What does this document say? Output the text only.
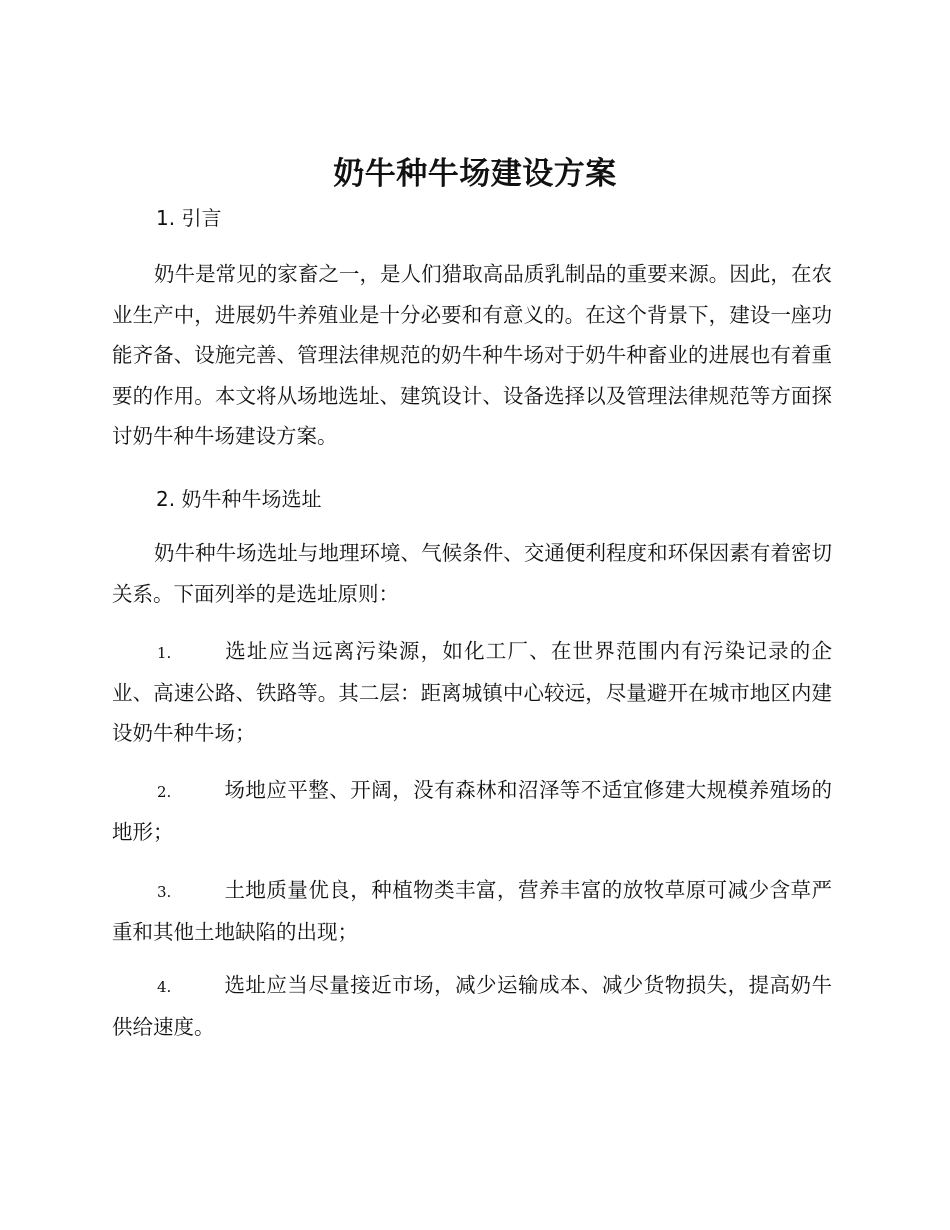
奶牛种牛场建设方案
1. 引言

奶牛是常见的家畜之一，是人们猎取高品质乳制品的重要来源。因此，在农业生产中，进展奶牛养殖业是十分必要和有意义的。在这个背景下，建设一座功能齐备、设施完善、管理法律规范的奶牛种牛场对于奶牛种畜业的进展也有着重要的作用。本文将从场地选址、建筑设计、设备选择以及管理法律规范等方面探讨奶牛种牛场建设方案。

2. 奶牛种牛场选址

奶牛种牛场选址与地理环境、气候条件、交通便利程度和环保因素有着密切关系。下面列举的是选址原则：

1.	选址应当远离污染源，如化工厂、在世界范围内有污染记录的企业、高速公路、铁路等。其二层：距离城镇中心较远，尽量避开在城市地区内建设奶牛种牛场；

2.	场地应平整、开阔，没有森林和沼泽等不适宜修建大规模养殖场的地形；

3.	土地质量优良，种植物类丰富，营养丰富的放牧草原可减少含草严重和其他土地缺陷的出现；

4.	选址应当尽量接近市场，减少运输成本、减少货物损失，提高奶牛供给速度。
